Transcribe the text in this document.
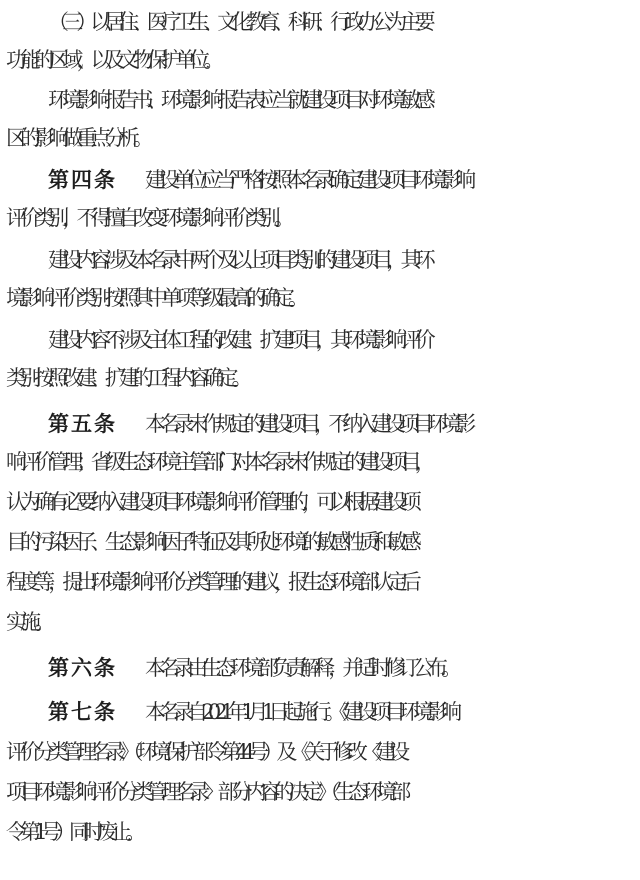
（三）以居住、医疗卫生、文化教育、科研、行政办公为主要
功能的区域，以及文物保护单位。
环境影响报告书、环境影响报告表应当就建设项目对环境敏感
区的影响做重点分析。
第四条 建设单位应当严格按照本名录确定建设项目环境影响
评价类别，不得擅自改变环境影响评价类别。
建设内容涉及本名录中两个及以上项目类别的建设项目，其环
境影响评价类别按照其中单项等级最高的确定。
建设内容不涉及主体工程的改建、扩建项目，其环境影响评价
类别按照改建、扩建的工程内容确定。
第五条 本名录未作规定的建设项目，不纳入建设项目环境影
响评价管理；省级生态环境主管部门对本名录未作规定的建设项目，
认为确有必要纳入建设项目环境影响评价管理的，可以根据建设项
目的污染因子、生态影响因子特征及其所处环境的敏感性质和敏感
程度等，提出环境影响评价分类管理的建议，报生态环境部认定后
实施。
第六条 本名录由生态环境部负责解释，并适时修订公布。
第七条 本名录自2021年1月1日起施行。《建设项目环境影响
评价分类管理名录》（环境保护部令第44号）及《关于修改〈建设
项目环境影响评价分类管理名录〉部分内容的决定》（生态环境部
令第1号）同时废止。
